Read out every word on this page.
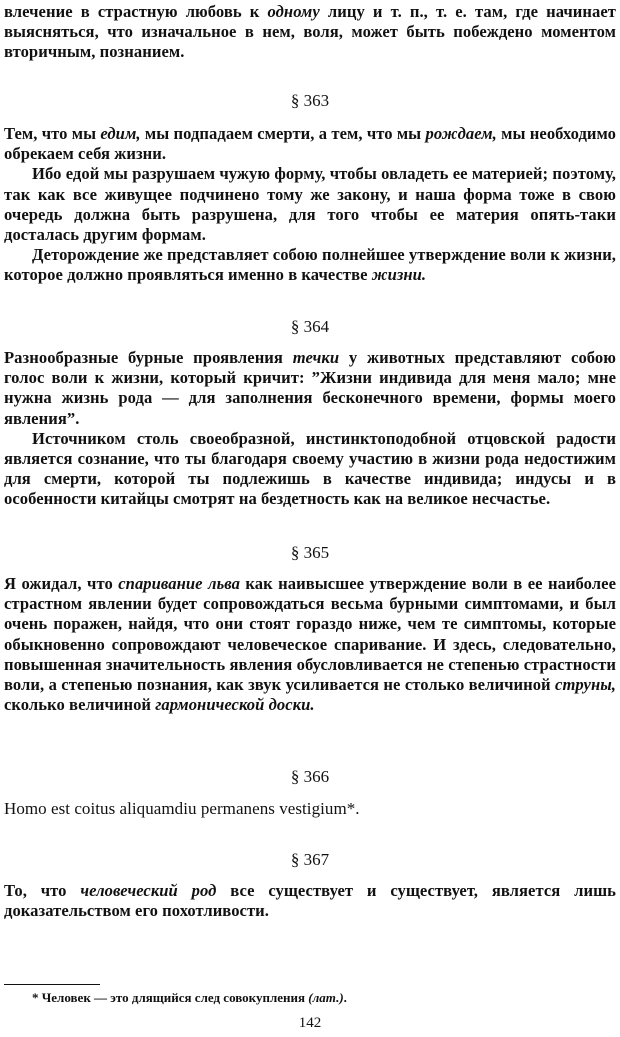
влечение в страстную любовь к одному лицу и т. п., т. е. там, где начинает выясняться, что изначальное в нем, воля, может быть побеждено моментом вторичным, познанием.

§ 363

Тем, что мы едим, мы подпадаем смерти, а тем, что мы рождаем, мы необходимо обрекаем себя жизни.

Ибо едой мы разрушаем чужую форму, чтобы овладеть ее материей; поэтому, так как все живущее подчинено тому же закону, и наша форма тоже в свою очередь должна быть разрушена, для того чтобы ее материя опять-таки досталась другим формам.

Деторождение же представляет собою полнейшее утверждение воли к жизни, которое должно проявляться именно в качестве жизни.

§ 364

Разнообразные бурные проявления течки у животных представляют собою голос воли к жизни, который кричит: ”Жизни индивида для меня мало; мне нужна жизнь рода — для заполнения бесконечного времени, формы моего явления”.

Источником столь своеобразной, инстинктоподобной отцовской радости является сознание, что ты благодаря своему участию в жизни рода недостижим для смерти, которой ты подлежишь в качестве индивида; индусы и в особенности китайцы смотрят на бездетность как на великое несчастье.

§ 365

Я ожидал, что спаривание льва как наивысшее утверждение воли в ее наиболее страстном явлении будет сопровождаться весьма бурными симптомами, и был очень поражен, найдя, что они стоят гораздо ниже, чем те симптомы, которые обыкновенно сопровождают человеческое спаривание. И здесь, следовательно, повышенная значительность явления обусловливается не степенью страстности воли, а степенью познания, как звук усиливается не столько величиной струны, сколько величиной гармонической доски.

§ 366

Homo est coitus aliquamdiu permanens vestigium*.

§ 367

То, что человеческий род все существует и существует, является лишь доказательством его похотливости.

* Человек — это длящийся след совокупления (лат.).
142
